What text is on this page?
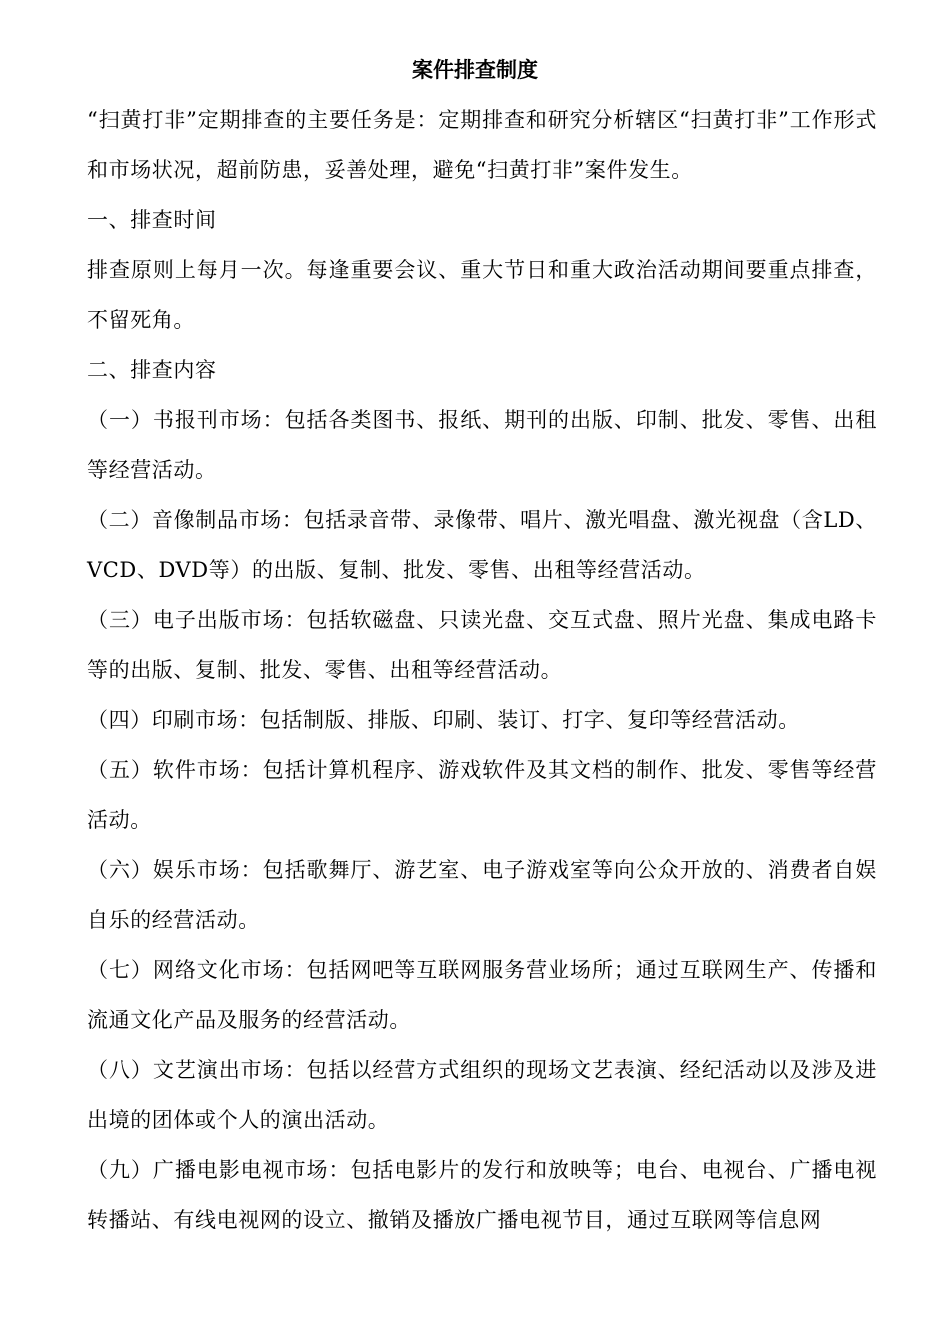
案件排查制度

“扫黄打非”定期排查的主要任务是：定期排查和研究分析辖区“扫黄打非”工作形式和市场状况，超前防患，妥善处理，避免“扫黄打非”案件发生。

一、排查时间

排查原则上每月一次。每逢重要会议、重大节日和重大政治活动期间要重点排查，不留死角。

二、排查内容

（一）书报刊市场：包括各类图书、报纸、期刊的出版、印制、批发、零售、出租等经营活动。

（二）音像制品市场：包括录音带、录像带、唱片、激光唱盘、激光视盘（含LD、VCD、DVD等）的出版、复制、批发、零售、出租等经营活动。

（三）电子出版市场：包括软磁盘、只读光盘、交互式盘、照片光盘、集成电路卡等的出版、复制、批发、零售、出租等经营活动。

（四）印刷市场：包括制版、排版、印刷、装订、打字、复印等经营活动。

（五）软件市场：包括计算机程序、游戏软件及其文档的制作、批发、零售等经营活动。

（六）娱乐市场：包括歌舞厅、游艺室、电子游戏室等向公众开放的、消费者自娱自乐的经营活动。

（七）网络文化市场：包括网吧等互联网服务营业场所；通过互联网生产、传播和流通文化产品及服务的经营活动。

（八）文艺演出市场：包括以经营方式组织的现场文艺表演、经纪活动以及涉及进出境的团体或个人的演出活动。

（九）广播电影电视市场：包括电影片的发行和放映等；电台、电视台、广播电视转播站、有线电视网的设立、撤销及播放广播电视节目，通过互联网等信息网
